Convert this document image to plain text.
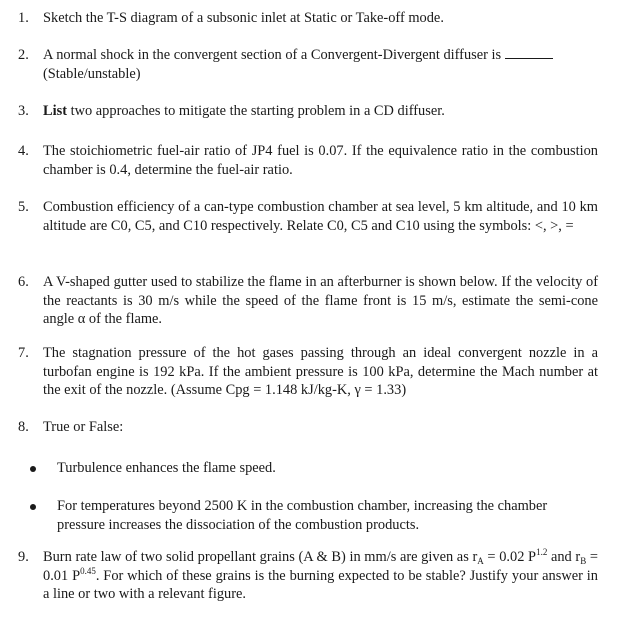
1. Sketch the T-S diagram of a subsonic inlet at Static or Take-off mode.
2. A normal shock in the convergent section of a Convergent-Divergent diffuser is
(Stable/unstable)
3. List two approaches to mitigate the starting problem in a CD diffuser.
4. The stoichiometric fuel-air ratio of JP4 fuel is 0.07. If the equivalence ratio in the combustion chamber is 0.4, determine the fuel-air ratio.
5. Combustion efficiency of a can-type combustion chamber at sea level, 5 km altitude, and 10 km altitude are C0, C5, and C10 respectively. Relate C0, C5 and C10 using the symbols: <, >, =
6. A V-shaped gutter used to stabilize the flame in an afterburner is shown below. If the velocity of the reactants is 30 m/s while the speed of the flame front is 15 m/s, estimate the semi-cone angle α of the flame.
7. The stagnation pressure of the hot gases passing through an ideal convergent nozzle in a turbofan engine is 192 kPa. If the ambient pressure is 100 kPa, determine the Mach number at the exit of the nozzle. (Assume Cpg = 1.148 kJ/kg-K, γ = 1.33)
8. True or False:
Turbulence enhances the flame speed.
For temperatures beyond 2500 K in the combustion chamber, increasing the chamber pressure increases the dissociation of the combustion products.
9. Burn rate law of two solid propellant grains (A & B) in mm/s are given as $r_A = 0.02$ $P^{1.2}$ and $r_B = 0.01$ $P^{0.45}$. For which of these grains is the burning expected to be stable? Justify your answer in a line or two with a relevant figure.
